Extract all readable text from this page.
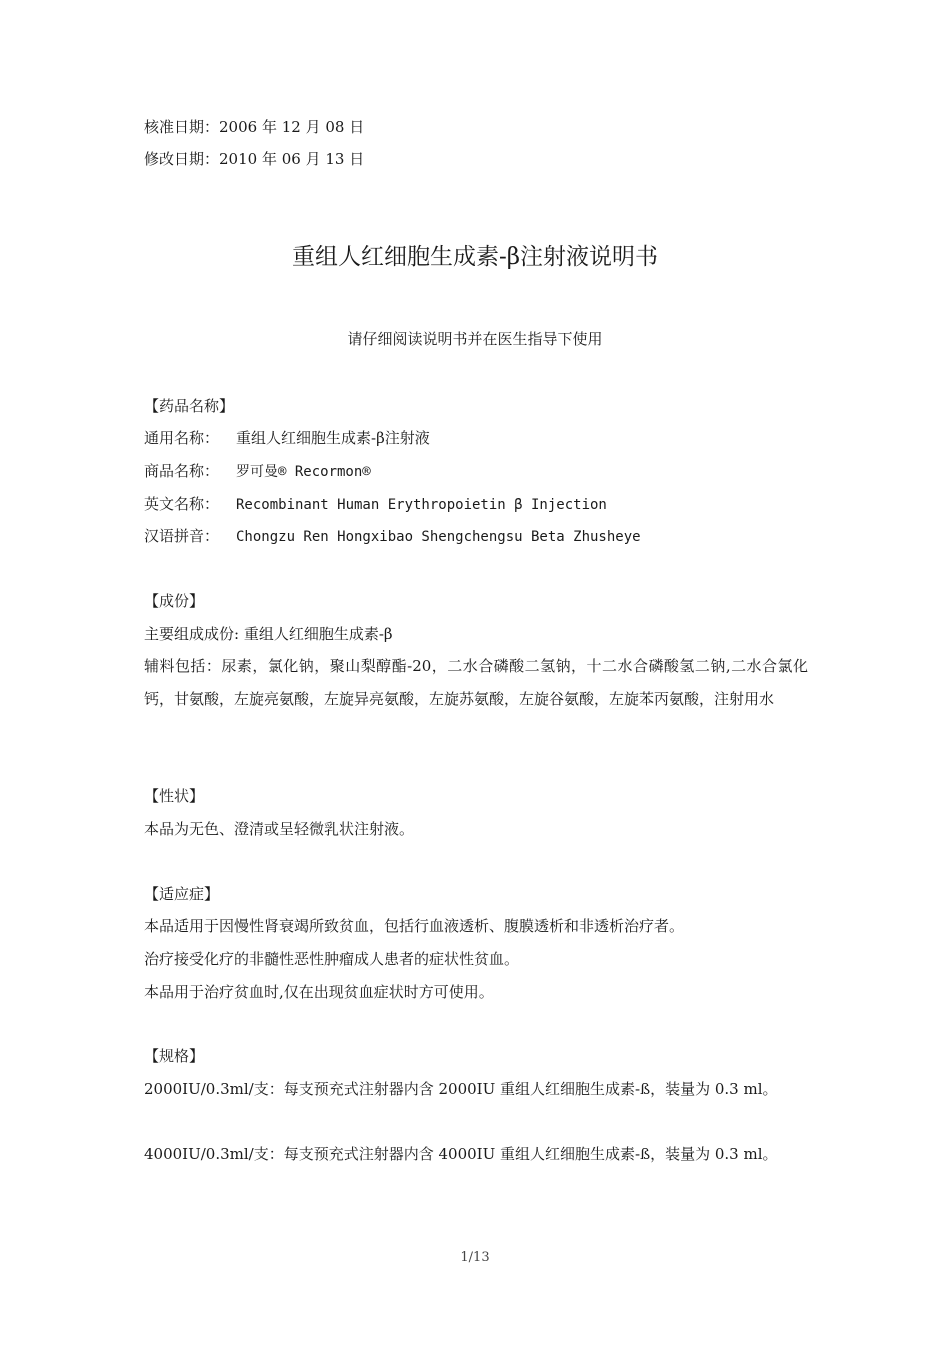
核准日期：2006 年 12 月 08 日
修改日期：2010 年 06 月 13 日
重组人红细胞生成素-β注射液说明书
请仔细阅读说明书并在医生指导下使用
【药品名称】
通用名称： 重组人红细胞生成素-β注射液
商品名称： 罗可曼® Recormon®
英文名称： Recombinant Human Erythropoietin β Injection
汉语拼音： Chongzu Ren Hongxibao Shengchengsu Beta Zhusheye
【成份】
主要组成成份: 重组人红细胞生成素-β
辅料包括：尿素，氯化钠，聚山梨醇酯-20，二水合磷酸二氢钠，十二水合磷酸氢二钠,二水合氯化钙，甘氨酸，左旋亮氨酸，左旋异亮氨酸，左旋苏氨酸，左旋谷氨酸，左旋苯丙氨酸，注射用水
【性状】
本品为无色、澄清或呈轻微乳状注射液。
【适应症】
本品适用于因慢性肾衰竭所致贫血，包括行血液透析、腹膜透析和非透析治疗者。
治疗接受化疗的非髓性恶性肿瘤成人患者的症状性贫血。
本品用于治疗贫血时,仅在出现贫血症状时方可使用。
【规格】
2000IU/0.3ml/支：每支预充式注射器内含 2000IU 重组人红细胞生成素-ß，装量为 0.3 ml。
4000IU/0.3ml/支：每支预充式注射器内含 4000IU 重组人红细胞生成素-ß，装量为 0.3 ml。
1/13
